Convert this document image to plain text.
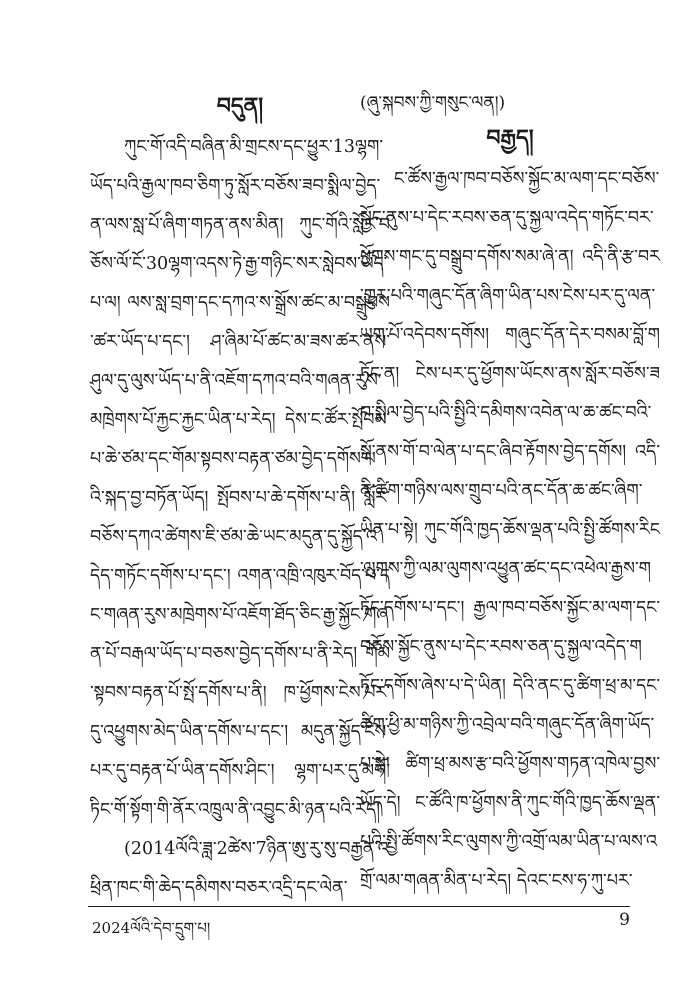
བདུན།

ཀུང་གོ་འདི་བཞིན་མི་གྲངས་དང་ཕྱུར་13ལྷག་ཡོད་པའི་རྒྱལ་ཁབ་ཅིག་ཏུ་སློར་བཅོས་ཟབ་སྨིལ་བྱེད་ན་ལས་སླ་པོ་ཞིག་གཏན་ནས་མིན། ཀུང་གོའི་སློར་བཅོས་ལོ་ངོ་30ལྷག་འདས་ཏེ་རྒྱ་གཉིང་སར་སླེབས་ཡོད་པ་ལ། ལས་སླ་བྲག་དང་དཀའ་ས་སྒྲོས་ཚང་མ་བསྒྲུབས་ཚར་ཡོད་པ་དང་། ཤ་ཞིམ་པོ་ཚང་མ་ཟས་ཚར་ནས་ཤུལ་དུ་ལུས་ཡོད་པ་ནི་འཇོག་དཀའ་བའི་གཞན་རུས་མཁྲེགས་པོ་རྐྱང་རྐྱང་ཡིན་པ་རེད། དེས་ང་ཚོར་སྤོབས་པ་ཆེ་ཙམ་དང་གོམ་སྟབས་བརྟན་ཙམ་བྱེད་དགོས་པའི་སྐད་བྱ་བཏོན་ཡོད། སྤོབས་པ་ཆེ་དགོས་པ་ནི། སློར་བཅོས་དཀའ་ཚེགས་ཇི་ཙམ་ཆེ་ཡང་མདུན་དུ་སྐྱོད་འདེད་གཏོང་དགོས་པ་དང་། འགན་འཁྲི་འཁུར་བོད་པ་དང་གཞན་རུས་མཁྲེགས་པོ་འཇོག་ཐོད་ཅིང་རྒྱ་སྐྱོང་གཞན་པོ་བརྒལ་ཡོད་པ་བཅས་བྱེད་དགོས་པ་ནི་རེད། གོམ་སྟབས་བརྟན་པོ་སྤོ་དགོས་པ་ནི། ཁ་ཕྱོགས་ངེས་པར་དུ་འཕྱུགས་མེད་ཡིན་དགོས་པ་དང་། མདུན་སྐྱོད་ངེས་པར་དུ་བརྟན་པོ་ཡིན་དགོས་ཤིང་། ལྷག་པར་དུ་མགོ་ཏིང་གོ་སྟོག་གི་ནོར་འཁྲུལ་ནི་འབྱུང་མི་ཉན་པའི་རེད།

(2014ལོའི་ཟླ་2ཚེས་7ཉིན་ཨུ་རུ་སུ་བརྒྱན་འཕྲིན་ཁང་གི་ཆེད་དམིགས་བཅར་འདྲི་དང་ལེན་

(ཞུ་སྐབས་ཀྱི་གསུང་ལན།)
བརྒྱད།

ང་ཚོས་རྒྱལ་ཁབ་བཅོས་སྐྱོང་མ་ལག་དང་བཅོས་སྐྱོང་ནུས་པ་དེང་རབས་ཅན་དུ་སྐྱལ་འདེད་གཏོང་བར་ཕྱོགས་གང་དུ་བསྒྲུབ་དགོས་སམ་ཞེ་ན། འདི་ནི་རྩ་བར་གྱུར་པའི་གཞུང་དོན་ཞིག་ཡིན་པས་ངེས་པར་དུ་ལན་ཡག་པོ་འདེབས་དགོས། གཞུང་དོན་དེར་བསམ་བློ་གཏོང་ན། ངེས་པར་དུ་ཕྱོགས་ཡོངས་ནས་སློར་བཅོས་ཟབ་སྨིལ་བྱེད་པའི་སྤྱིའི་དམིགས་འབེན་ལ་ཆ་ཚང་བའི་སྒོ་ནས་གོ་བ་ལེན་པ་དང་ཞིབ་རྟོགས་བྱེད་དགོས། འདི་ནི་ཚིག་གཉིས་ལས་གྲུབ་པའི་ནང་དོན་ཆ་ཚང་ཞིག་ཡིན་པ་སྟེ། ཀུང་གོའི་ཁྱད་ཆོས་ལྡན་པའི་སྤྱི་ཚོགས་རིང་ལུགས་ཀྱི་ལམ་ལུགས་འཕྱུན་ཚང་དང་འཕེལ་རྒྱས་གཏོང་དགོས་པ་དང་། རྒྱལ་ཁབ་བཅོས་སྐྱོང་མ་ལག་དང་བཅོས་སྐྱོང་ནུས་པ་དེང་རབས་ཅན་དུ་སྐྱལ་འདེད་གཏོང་དགོས་ཞེས་པ་དེ་ཡིན། དེའི་ནང་དུ་ཚིག་ཕྲ་མ་དང་ཚིག་ཕྱི་མ་གཉིས་ཀྱི་འབྲེལ་བའི་གཞུང་དོན་ཞིག་ཡོད་པ་སྟེ། ཚིག་ཕྲ་མས་རྩ་བའི་ཕྱོགས་གཏན་འཁེལ་བྱས་ཡོད་དེ། ང་ཚོའི་ཁ་ཕྱོགས་ནི་ཀུང་གོའི་ཁྱད་ཆོས་ལྡན་པའི་སྤྱི་ཚོགས་རིང་ལུགས་ཀྱི་འགྲོ་ལམ་ཡིན་པ་ལས་འགྲོ་ལམ་གཞན་མིན་པ་རེད། དེའང་ངས་ཧ་ཀུ་པར་

2024ལོའི་དེབ་དྲུག་པ།	9
